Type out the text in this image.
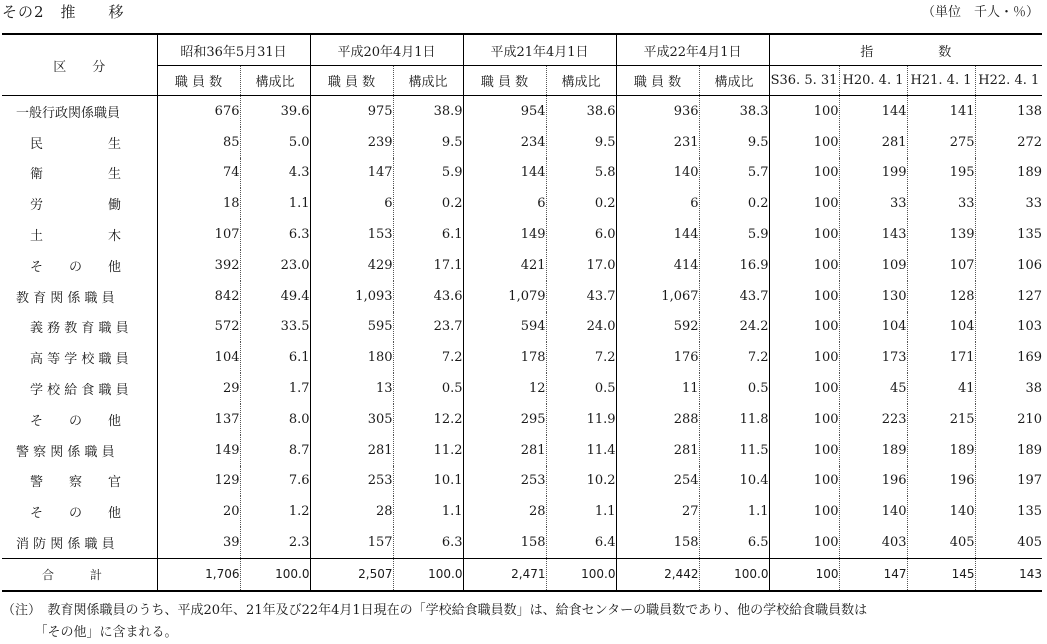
その2　推　　移	（単位　千人・％）
区　　分	昭和36年5月31日		平成20年4月1日		平成21年4月1日		平成22年4月1日		指　　　　　数			
	職 員 数	構成比	職 員 数	構成比	職 員 数	構成比	職 員 数	構成比	S36. 5. 31	H20. 4. 1	H21. 4. 1	H22. 4. 1
一般行政関係職員	676	39.6	975	38.9	954	38.6	936	38.3	100	144	141	138
民　　　　　生	85	5.0	239	9.5	234	9.5	231	9.5	100	281	275	272
衛　　　　　生	74	4.3	147	5.9	144	5.8	140	5.7	100	199	195	189
労　　　　　働	18	1.1	6	0.2	6	0.2	6	0.2	100	33	33	33
土　　　　　木	107	6.3	153	6.1	149	6.0	144	5.9	100	143	139	135
そ　　の　　他	392	23.0	429	17.1	421	17.0	414	16.9	100	109	107	106
教 育 関 係 職 員	842	49.4	1,093	43.6	1,079	43.7	1,067	43.7	100	130	128	127
義 務 教 育 職 員	572	33.5	595	23.7	594	24.0	592	24.2	100	104	104	103
高 等 学 校 職 員	104	6.1	180	7.2	178	7.2	176	7.2	100	173	171	169
学 校 給 食 職 員	29	1.7	13	0.5	12	0.5	11	0.5	100	45	41	38
そ　　の　　他	137	8.0	305	12.2	295	11.9	288	11.8	100	223	215	210
警 察 関 係 職 員	149	8.7	281	11.2	281	11.4	281	11.5	100	189	189	189
警　　察　　官	129	7.6	253	10.1	253	10.2	254	10.4	100	196	196	197
そ　　の　　他	20	1.2	28	1.1	28	1.1	27	1.1	100	140	140	135
消 防 関 係 職 員	39	2.3	157	6.3	158	6.4	158	6.5	100	403	405	405
合　　　計	1,706	100.0	2,507	100.0	2,471	100.0	2,442	100.0	100	147	145	143
（注）　教育関係職員のうち、平成20年、21年及び22年4月1日現在の「学校給食職員数」は、給食センターの職員数であり、他の学校給食職員数は
　　　「その他」に含まれる。
